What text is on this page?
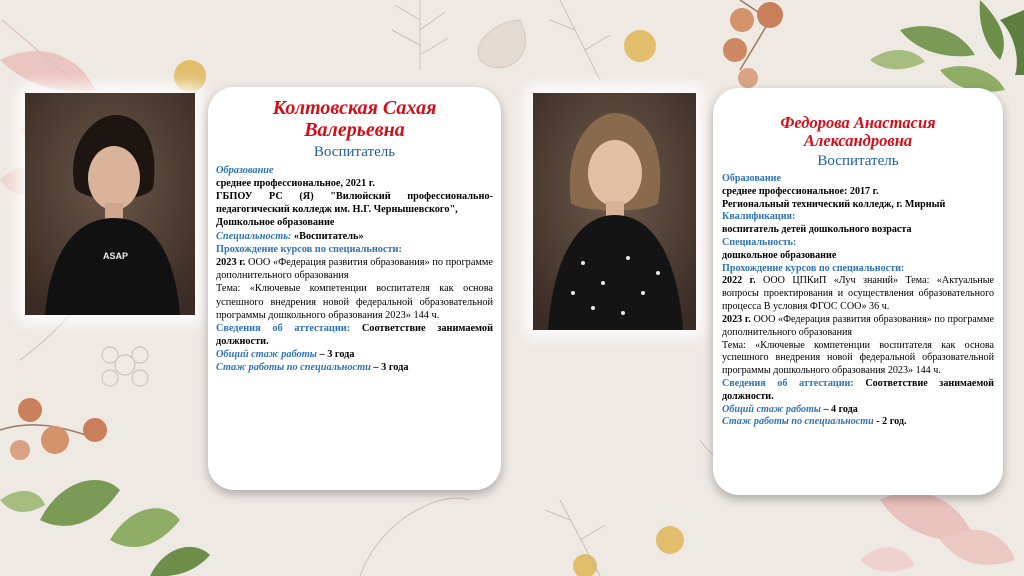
ASAP

Колтовская Сахая
Валерьевна

Воспитатель

Образование

среднее профессиональное, 2021 г.

ГБПОУ РС (Я) "Вилюйский профессионально-педагогический колледж им. Н.Г. Чернышевского",

Дошкольное образование

Специальность: «Воспитатель»

Прохождение курсов по специальности:

2023 г. ООО «Федерация развития образования» по программе дополнительного образования

Тема: «Ключевые компетенции воспитателя как основа успешного внедрения новой федеральной образовательной программы дошкольного образования 2023» 144 ч.

Сведения об аттестации: Соответствие занимаемой должности.

Общий стаж работы – 3 года

Стаж работы по специальности – 3 года

Федорова Анастасия
Александровна

Воспитатель

Образование

среднее профессиональное: 2017 г.

Региональный технический колледж, г. Мирный

Квалификация:

воспитатель детей дошкольного возраста

Специальность:

дошкольное образование

Прохождение курсов по специальности:

2022 г. ООО ЦПКиП «Луч знаний» Тема: «Актуальные вопросы проектирования и осуществления образовательного процесса В условия ФГОС СОО» 36 ч.

2023 г. ООО «Федерация развития образования» по программе дополнительного образования

Тема: «Ключевые компетенции воспитателя как основа успешного внедрения новой федеральной образовательной программы дошкольного образования 2023» 144 ч.

Сведения об аттестации: Соответствие занимаемой должности.

Общий стаж работы – 4 года

Стаж работы по специальности - 2 год.
